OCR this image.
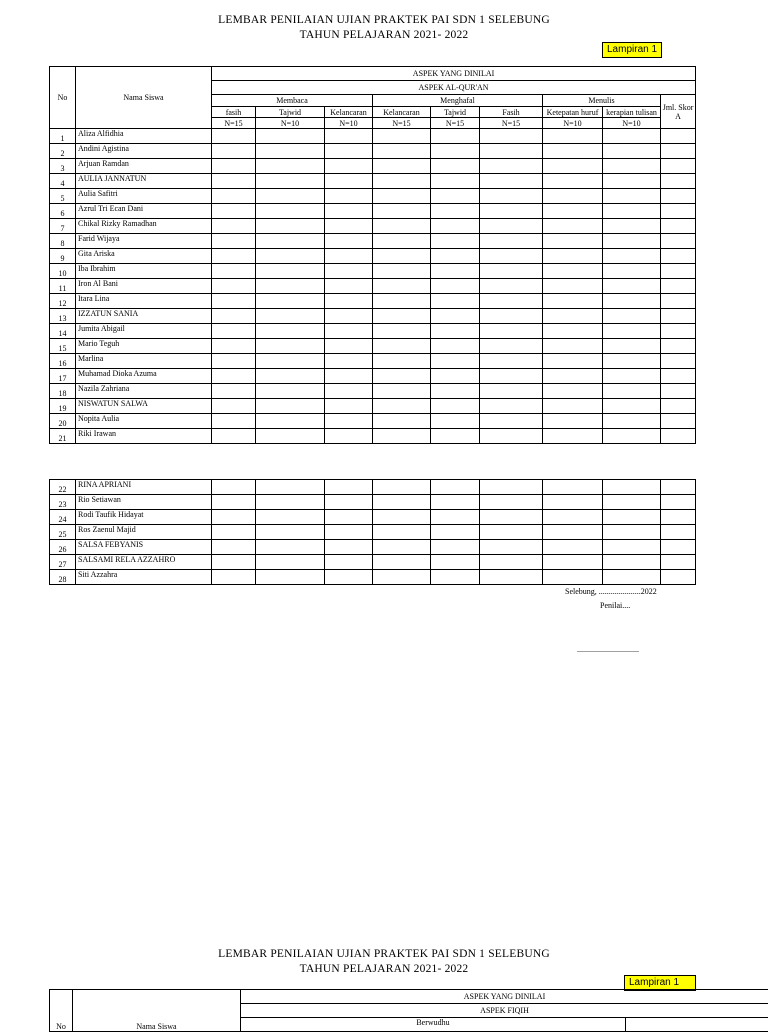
LEMBAR PENILAIAN UJIAN PRAKTEK PAI SDN 1 SELEBUNG
TAHUN PELAJARAN 2021- 2022
Lampiran 1
No	Nama Siswa	ASPEK YANG DINILAI								
		ASPEK AL-QUR'AN								
		Membaca			Menghafal			Menulis		Jml. Skor A
		fasih	Tajwid	Kelancaran	Kelancaran	Tajwid	Fasih	Ketepatan huruf	kerapian tulisan	
		N=15	N=10	N=10	N=15	N=15	N=15	N=10	N=10	
1	Aliza Alfidhia									
2	Andini Agistina									
3	Arjuan Ramdan									
4	AULIA JANNATUN									
5	Aulia Safitri									
6	Azrul Tri Ecan Dani									
7	Chikal Rizky Ramadhan									
8	Farid Wijaya									
9	Gita Ariska									
10	Iba Ibrahim									
11	Iron Al Bani									
12	Itara Lina									
13	IZZATUN SANIA									
14	Jumita Abigail									
15	Mario Teguh									
16	Marlina									
17	Muhamad Dioka Azuma									
18	Nazila Zahriana									
19	NISWATUN SALWA									
20	Nopita Aulia									
21	Riki Irawan									
22	RINA APRIANI									
23	Rio Setiawan									
24	Rodi Taufik Hidayat									
25	Ros Zaenul Majid									
26	SALSA FEBYANIS									
27	SALSAMI RELA AZZAHRO									
28	Siti Azzahra									
Selebung, .....................2022
Penilai....
...............................
LEMBAR PENILAIAN UJIAN PRAKTEK PAI SDN 1 SELEBUNG
TAHUN PELAJARAN 2021- 2022
Lampiran 1
No	Nama Siswa	ASPEK YANG DINILAI	
		ASPEK FIQIH	
		Berwudhu	
